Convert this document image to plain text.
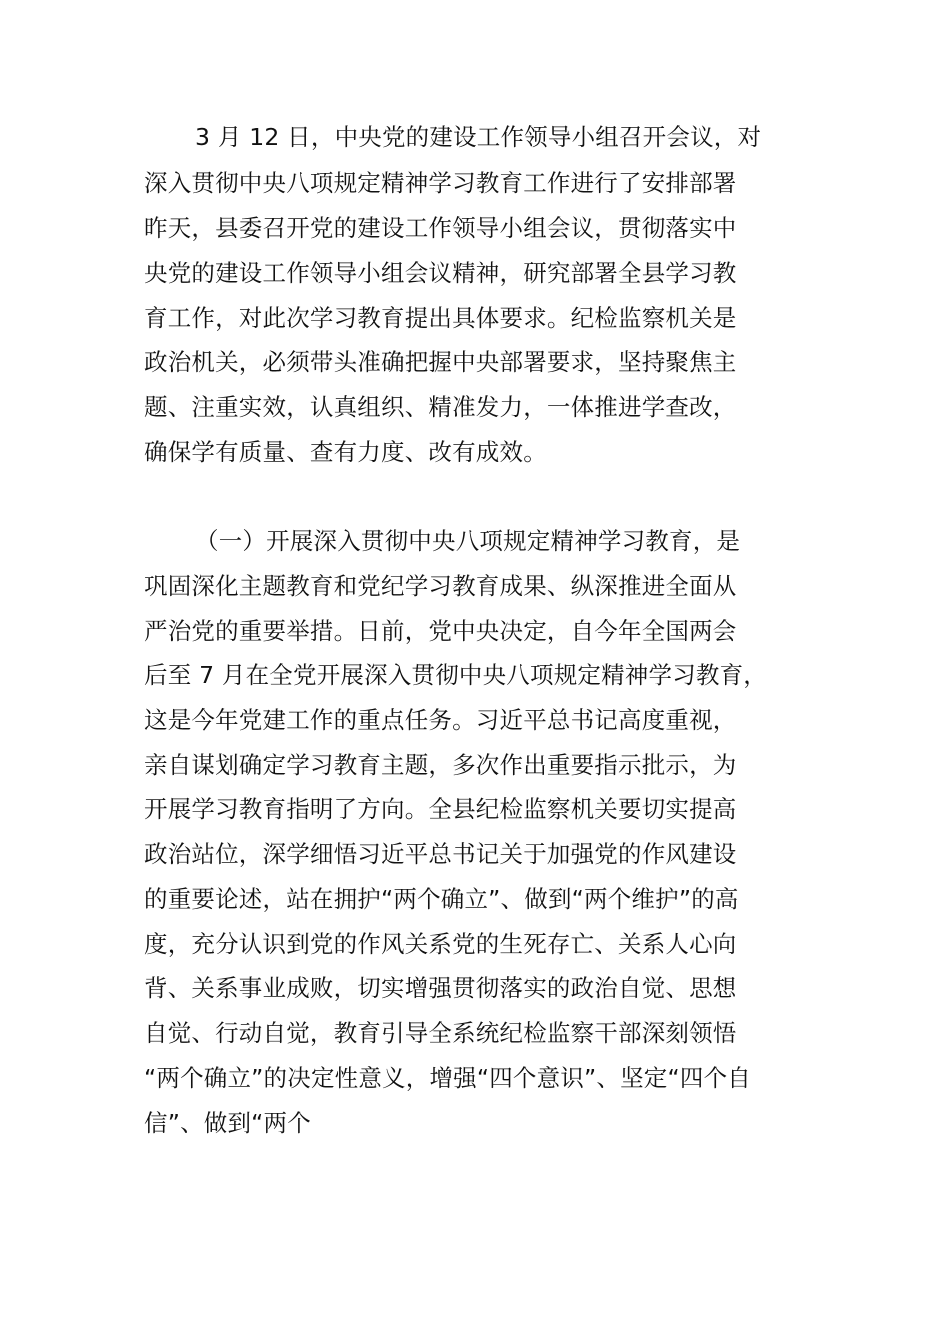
3 月 12 日，中央党的建设工作领导小组召开会议，对
深入贯彻中央八项规定精神学习教育工作进行了安排部署
昨天，县委召开党的建设工作领导小组会议，贯彻落实中
央党的建设工作领导小组会议精神，研究部署全县学习教
育工作，对此次学习教育提出具体要求。纪检监察机关是
政治机关，必须带头准确把握中央部署要求，坚持聚焦主
题、注重实效，认真组织、精准发力，一体推进学查改，
确保学有质量、查有力度、改有成效。
（一）开展深入贯彻中央八项规定精神学习教育，是
巩固深化主题教育和党纪学习教育成果、纵深推进全面从
严治党的重要举措。日前，党中央决定，自今年全国两会
后至 7 月在全党开展深入贯彻中央八项规定精神学习教育，
这是今年党建工作的重点任务。习近平总书记高度重视，
亲自谋划确定学习教育主题，多次作出重要指示批示，为
开展学习教育指明了方向。全县纪检监察机关要切实提高
政治站位，深学细悟习近平总书记关于加强党的作风建设
的重要论述，站在拥护“两个确立”、做到“两个维护”的高
度，充分认识到党的作风关系党的生死存亡、关系人心向
背、关系事业成败，切实增强贯彻落实的政治自觉、思想
自觉、行动自觉，教育引导全系统纪检监察干部深刻领悟
“两个确立”的决定性意义，增强“四个意识”、坚定“四个自
信”、做到“两个
